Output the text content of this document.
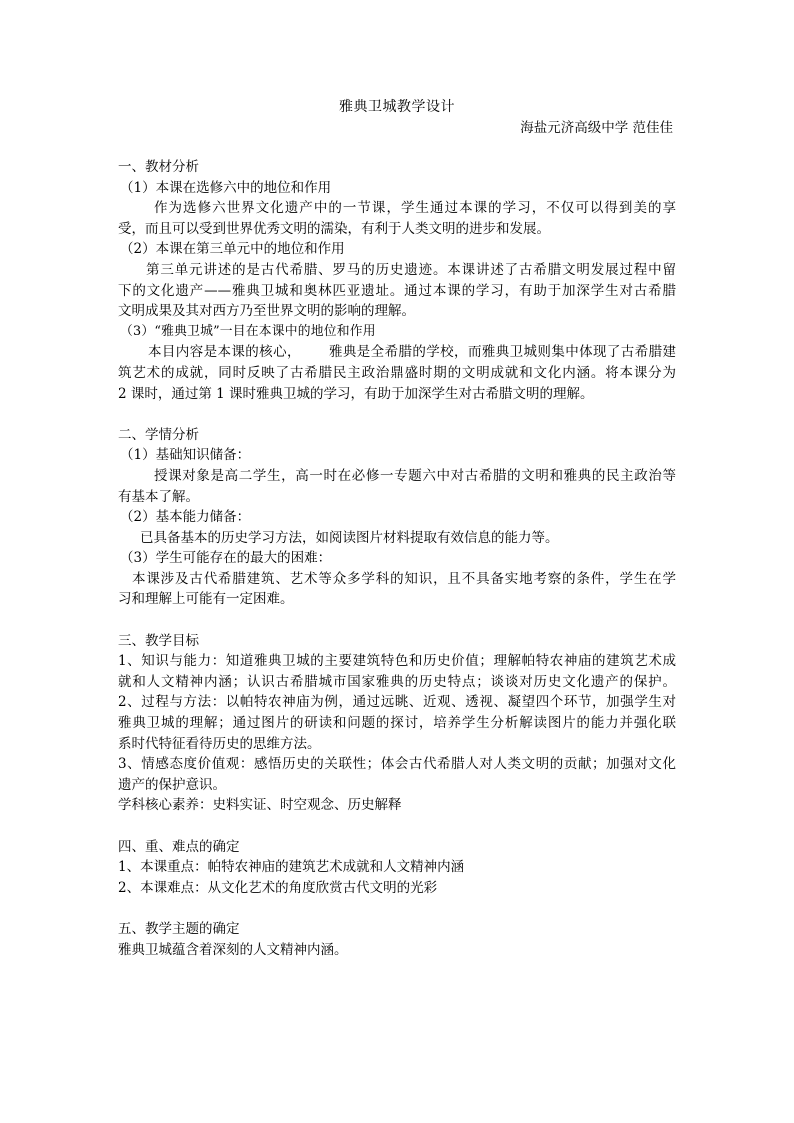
雅典卫城教学设计
海盐元济高级中学 范佳佳
一、教材分析
（1）本课在选修六中的地位和作用
作为选修六世界文化遗产中的一节课，学生通过本课的学习，不仅可以得到美的享
受，而且可以受到世界优秀文明的濡染，有利于人类文明的进步和发展。
（2）本课在第三单元中的地位和作用
第三单元讲述的是古代希腊、罗马的历史遗迹。本课讲述了古希腊文明发展过程中留
下的文化遗产——雅典卫城和奥林匹亚遗址。通过本课的学习，有助于加深学生对古希腊
文明成果及其对西方乃至世界文明的影响的理解。
（3）“雅典卫城”一目在本课中的地位和作用
本目内容是本课的核心，      雅典是全希腊的学校，而雅典卫城则集中体现了古希腊建
筑艺术的成就，同时反映了古希腊民主政治鼎盛时期的文明成就和文化内涵。将本课分为
2 课时，通过第 1 课时雅典卫城的学习，有助于加深学生对古希腊文明的理解。
二、学情分析
（1）基础知识储备：
授课对象是高二学生，高一时在必修一专题六中对古希腊的文明和雅典的民主政治等
有基本了解。
（2）基本能力储备：
已具备基本的历史学习方法，如阅读图片材料提取有效信息的能力等。
（3）学生可能存在的最大的困难：
本课涉及古代希腊建筑、艺术等众多学科的知识，且不具备实地考察的条件，学生在学
习和理解上可能有一定困难。
三、教学目标
1、知识与能力：知道雅典卫城的主要建筑特色和历史价值；理解帕特农神庙的建筑艺术成
就和人文精神内涵；认识古希腊城市国家雅典的历史特点；谈谈对历史文化遗产的保护。
2、过程与方法：以帕特农神庙为例，通过远眺、近观、透视、凝望四个环节，加强学生对
雅典卫城的理解；通过图片的研读和问题的探讨，培养学生分析解读图片的能力并强化联
系时代特征看待历史的思维方法。
3、情感态度价值观：感悟历史的关联性；体会古代希腊人对人类文明的贡献；加强对文化
遗产的保护意识。
学科核心素养：史料实证、时空观念、历史解释
四、重、难点的确定
1、本课重点：帕特农神庙的建筑艺术成就和人文精神内涵
2、本课难点：从文化艺术的角度欣赏古代文明的光彩
五、教学主题的确定
雅典卫城蕴含着深刻的人文精神内涵。
